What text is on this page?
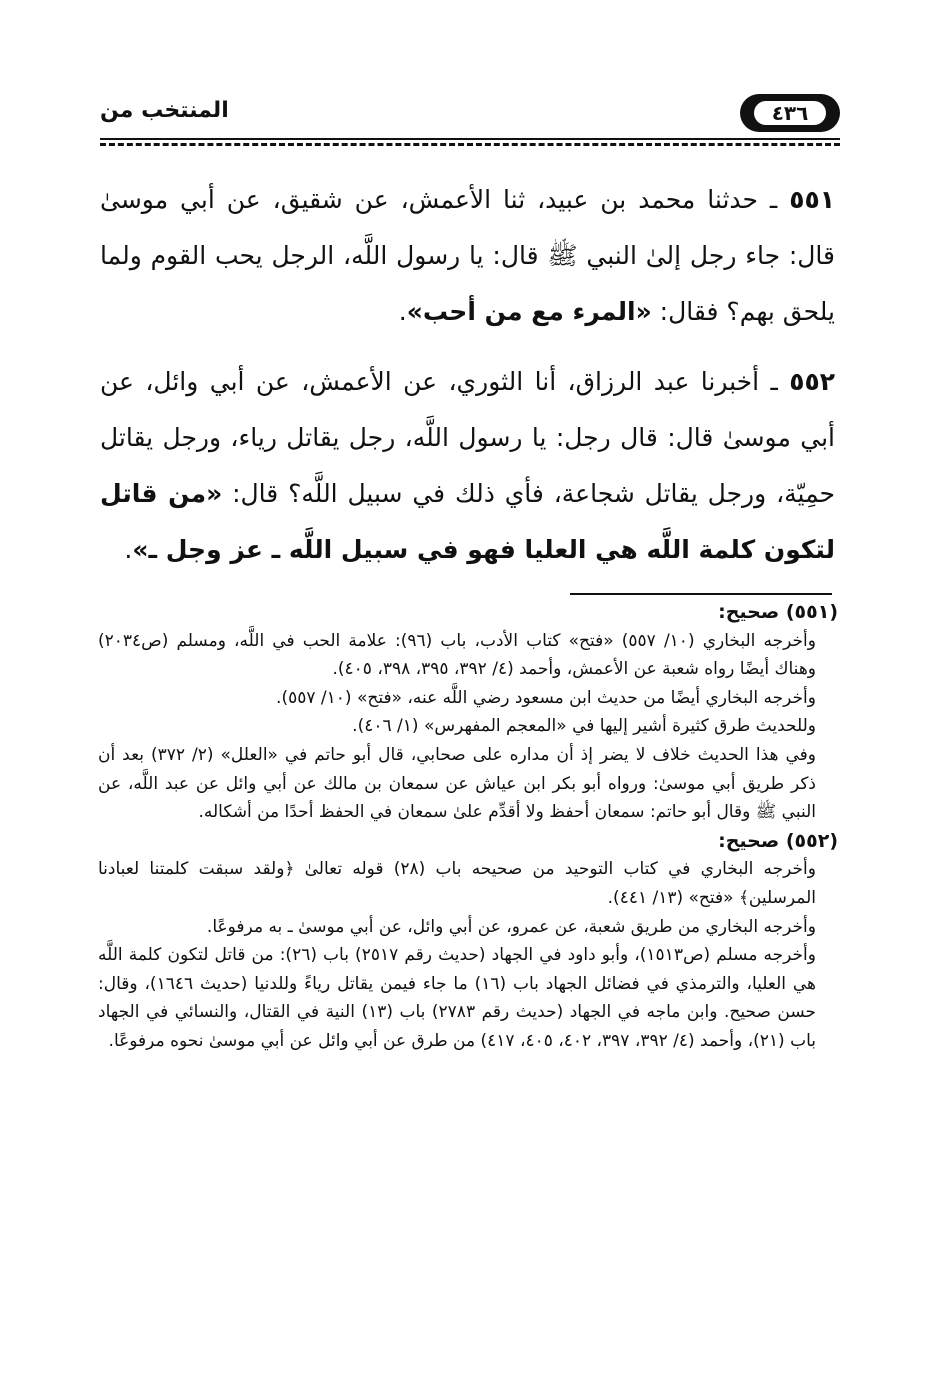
٤٣٦
المنتخب من

٥٥١ ـ حدثنا محمد بن عبيد، ثنا الأعمش، عن شقيق، عن أبي موسىٰ قال: جاء رجل إلىٰ النبي ﷺ قال: يا رسول اللَّه، الرجل يحب القوم ولما يلحق بهم؟ فقال: «المرء مع من أحب».

٥٥٢ ـ أخبرنا عبد الرزاق، أنا الثوري، عن الأعمش، عن أبي وائل، عن أبي موسىٰ قال: قال رجل: يا رسول اللَّه، رجل يقاتل رياء، ورجل يقاتل حمِيّة، ورجل يقاتل شجاعة، فأي ذلك في سبيل اللَّه؟ قال: «من قاتل لتكون كلمة اللَّه هي العليا فهو في سبيل اللَّه ـ عز وجل ـ».

(٥٥١) صحيح:

وأخرجه البخاري (١٠/ ٥٥٧) «فتح» كتاب الأدب، باب (٩٦): علامة الحب في اللَّه، ومسلم (ص٢٠٣٤) وهناك أيضًا رواه شعبة عن الأعمش، وأحمد (٤/ ٣٩٢، ٣٩٥، ٣٩٨، ٤٠٥).

وأخرجه البخاري أيضًا من حديث ابن مسعود رضي اللَّه عنه، «فتح» (١٠/ ٥٥٧).

وللحديث طرق كثيرة أشير إليها في «المعجم المفهرس» (١/ ٤٠٦).

وفي هذا الحديث خلاف لا يضر إذ أن مداره على صحابي، قال أبو حاتم في «العلل» (٢/ ٣٧٢) بعد أن ذكر طريق أبي موسىٰ: ورواه أبو بكر ابن عياش عن سمعان بن مالك عن أبي وائل عن عبد اللَّه، عن النبي ﷺ وقال أبو حاتم: سمعان أحفظ ولا أقدِّم علىٰ سمعان في الحفظ أحدًا من أشكاله.

(٥٥٢) صحيح:

وأخرجه البخاري في كتاب التوحيد من صحيحه باب (٢٨) قوله تعالىٰ ﴿ولقد سبقت كلمتنا لعبادنا المرسلين﴾ «فتح» (١٣/ ٤٤١).

وأخرجه البخاري من طريق شعبة، عن عمرو، عن أبي وائل، عن أبي موسىٰ ـ به مرفوعًا.

وأخرجه مسلم (ص١٥١٣)، وأبو داود في الجهاد (حديث رقم ٢٥١٧) باب (٢٦): من قاتل لتكون كلمة اللَّه هي العليا، والترمذي في فضائل الجهاد باب (١٦) ما جاء فيمن يقاتل رياءً وللدنيا (حديث ١٦٤٦)، وقال: حسن صحيح. وابن ماجه في الجهاد (حديث رقم ٢٧٨٣) باب (١٣) النية في القتال، والنسائي في الجهاد باب (٢١)، وأحمد (٤/ ٣٩٢، ٣٩٧، ٤٠٢، ٤٠٥، ٤١٧) من طرق عن أبي وائل عن أبي موسىٰ نحوه مرفوعًا.
